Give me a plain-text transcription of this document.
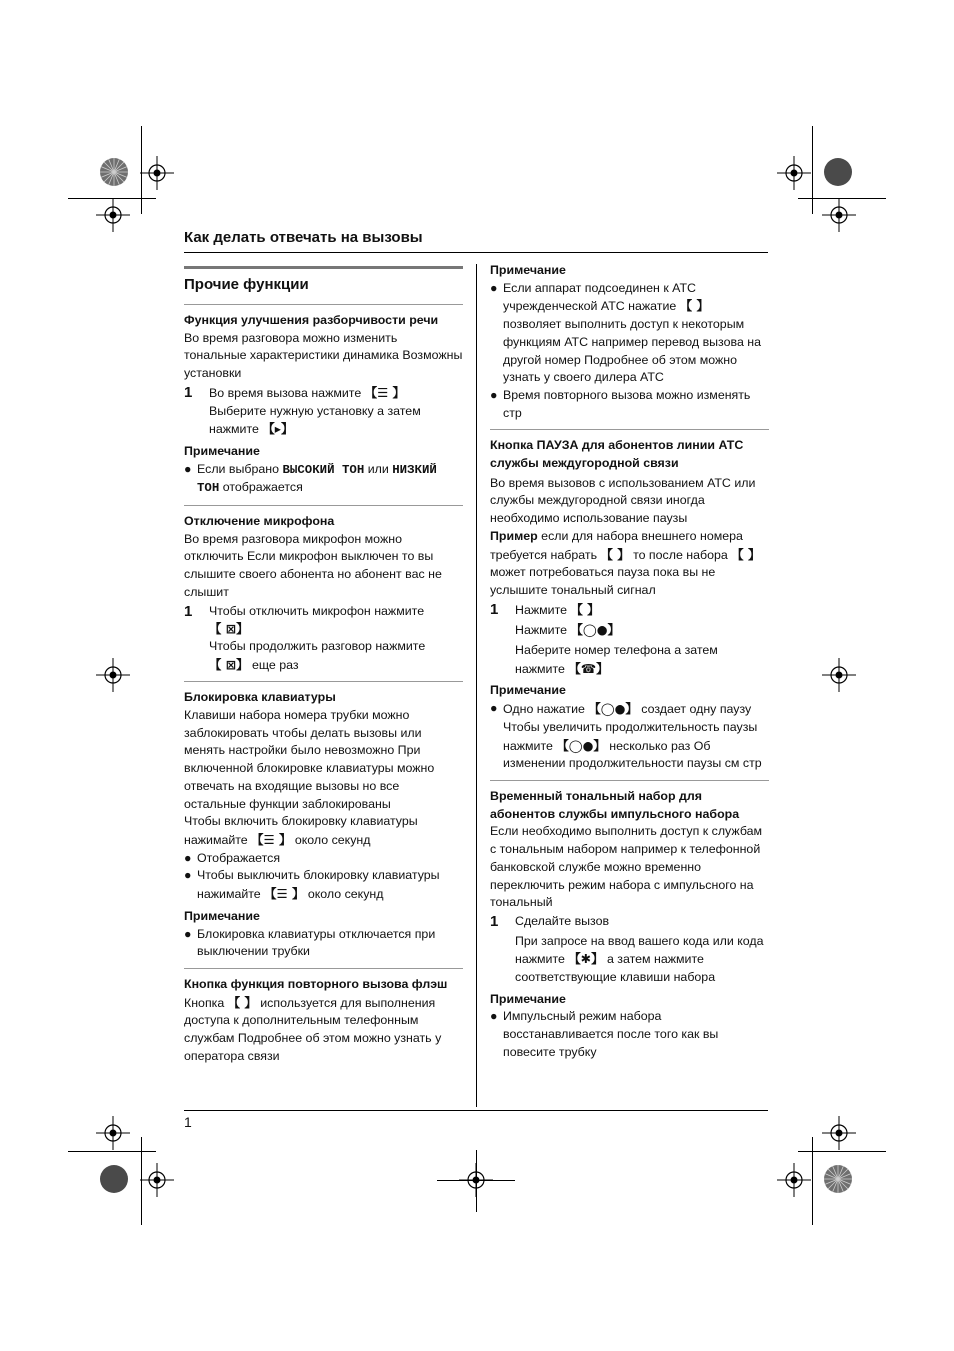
Как делать отвечать на вызовы
Прочие функции
Функция улучшения разборчивости речи
Во время разговора можно изменить тональные характеристики динамика Возможны установки
1	Во время вызова нажмите 【☰ 】
Выберите нужную установку а затем нажмите 【▸】
Примечание
● Если выбрано ВЫСОКИЙ ТОН или НИЗКИЙ ТОН отображается
Отключение микрофона
Во время разговора микрофон можно отключить Если микрофон выключен то вы слышите своего абонента но абонент вас не слышит
1	Чтобы отключить микрофон нажмите
【 ⊠】
Чтобы продолжить разговор нажмите
【 ⊠】 еще раз
Блокировка клавиатуры
Клавиши набора номера трубки можно заблокировать чтобы делать вызовы или менять настройки было невозможно При включенной блокировке клавиатуры можно отвечать на входящие вызовы но все остальные функции заблокированы
Чтобы включить блокировку клавиатуры нажимайте 【☰ 】 около секунд
● Отображается
● Чтобы выключить блокировку клавиатуры нажимайте 【☰ 】 около секунд
Примечание
● Блокировка клавиатуры отключается при выключении трубки
Кнопка функция повторного вызова флэш
Кнопка 【 】 используется для выполнения доступа к дополнительным телефонным службам Подробнее об этом можно узнать у оператора связи
Примечание
● Если аппарат подсоединен к АТС учрежденческой АТС нажатие 【 】 позволяет выполнить доступ к некоторым функциям АТС например перевод вызова на другой номер Подробнее об этом можно узнать у своего дилера АТС
● Время повторного вызова можно изменять стр
Кнопка ПАУЗА для абонентов линии АТС службы междугородной связи
Во время вызовов с использованием АТС или службы междугородной связи иногда необходимо использование паузы
Пример если для набора внешнего номера требуется набрать 【 】 то после набора 【 】 может потребоваться пауза пока вы не услышите тональный сигнал
1	Нажмите 【 】
Нажмите 【◯●】
Наберите номер телефона а затем нажмите 【☎】
Примечание
● Одно нажатие 【◯●】 создает одну паузу Чтобы увеличить продолжительность паузы нажмите 【◯●】 несколько раз Об изменении продолжительности паузы см стр
Временный тональный набор для абонентов службы импульсного набора
Если необходимо выполнить доступ к службам с тональным набором например к телефонной банковской службе можно временно переключить режим набора с импульсного на тональный
1	Сделайте вызов
При запросе на ввод вашего кода или кода нажмите 【✱】 а затем нажмите соответствующие клавиши набора
Примечание
● Импульсный режим набора восстанавливается после того как вы повесите трубку
1
